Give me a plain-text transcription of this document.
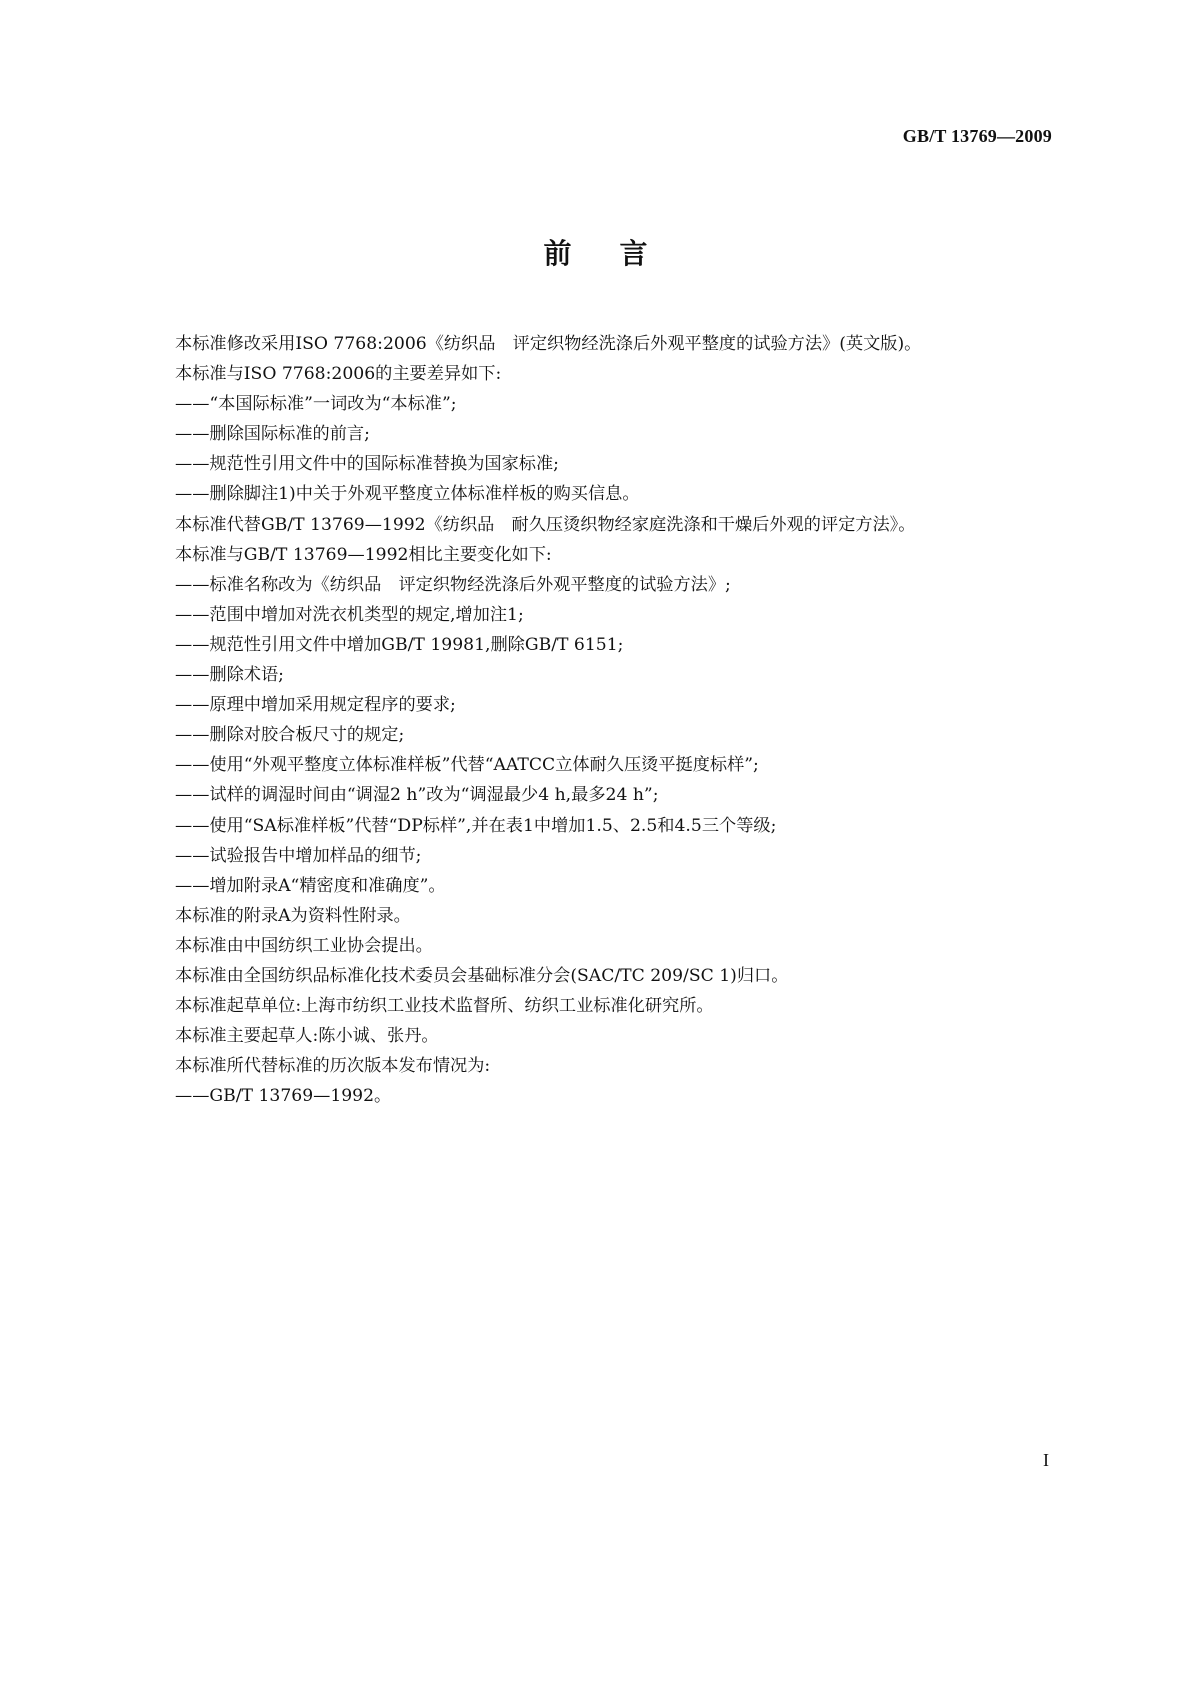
GB/T 13769—2009
前言
本标准修改采用ISO 7768:2006《纺织品　评定织物经洗涤后外观平整度的试验方法》(英文版)。
本标准与ISO 7768:2006的主要差异如下:
——“本国际标准”一词改为“本标准”;
——删除国际标准的前言;
——规范性引用文件中的国际标准替换为国家标准;
——删除脚注1)中关于外观平整度立体标准样板的购买信息。
本标准代替GB/T 13769—1992《纺织品　耐久压烫织物经家庭洗涤和干燥后外观的评定方法》。
本标准与GB/T 13769—1992相比主要变化如下:
——标准名称改为《纺织品　评定织物经洗涤后外观平整度的试验方法》;
——范围中增加对洗衣机类型的规定,增加注1;
——规范性引用文件中增加GB/T 19981,删除GB/T 6151;
——删除术语;
——原理中增加采用规定程序的要求;
——删除对胶合板尺寸的规定;
——使用“外观平整度立体标准样板”代替“AATCC立体耐久压烫平挺度标样”;
——试样的调湿时间由“调湿2 h”改为“调湿最少4 h,最多24 h”;
——使用“SA标准样板”代替“DP标样”,并在表1中增加1.5、2.5和4.5三个等级;
——试验报告中增加样品的细节;
——增加附录A“精密度和准确度”。
本标准的附录A为资料性附录。
本标准由中国纺织工业协会提出。
本标准由全国纺织品标准化技术委员会基础标准分会(SAC/TC 209/SC 1)归口。
本标准起草单位:上海市纺织工业技术监督所、纺织工业标准化研究所。
本标准主要起草人:陈小诚、张丹。
本标准所代替标准的历次版本发布情况为:
——GB/T 13769—1992。
I
